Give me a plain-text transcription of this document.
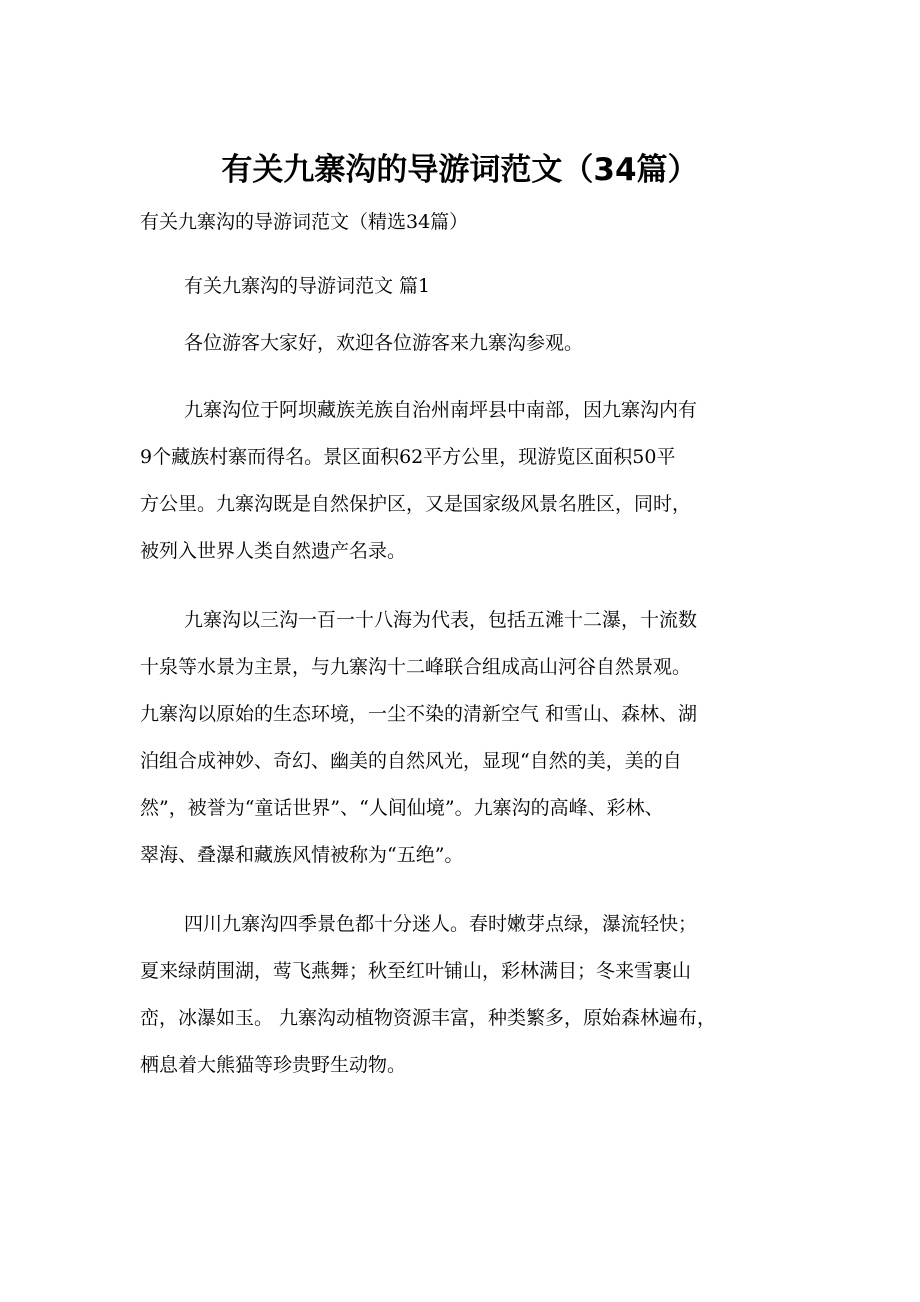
有关九寨沟的导游词范文（34篇）

有关九寨沟的导游词范文（精选34篇）

有关九寨沟的导游词范文 篇1

各位游客大家好，欢迎各位游客来九寨沟参观。
九寨沟位于阿坝藏族羌族自治州南坪县中南部，因九寨沟内有
9个藏族村寨而得名。景区面积62平方公里，现游览区面积50平
方公里。九寨沟既是自然保护区，又是国家级风景名胜区，同时，
被列入世界人类自然遗产名录。
九寨沟以三沟一百一十八海为代表，包括五滩十二瀑，十流数
十泉等水景为主景，与九寨沟十二峰联合组成高山河谷自然景观。
九寨沟以原始的生态环境，一尘不染的清新空气 和雪山、森林、湖
泊组合成神妙、奇幻、幽美的自然风光，显现“自然的美，美的自
然”，被誉为“童话世界”、“人间仙境”。九寨沟的高峰、彩林、
翠海、叠瀑和藏族风情被称为“五绝”。
四川九寨沟四季景色都十分迷人。春时嫩芽点绿，瀑流轻快；
夏来绿荫围湖，莺飞燕舞；秋至红叶铺山，彩林满目；冬来雪裹山
峦，冰瀑如玉。 九寨沟动植物资源丰富，种类繁多，原始森林遍布，
栖息着大熊猫等珍贵野生动物。
